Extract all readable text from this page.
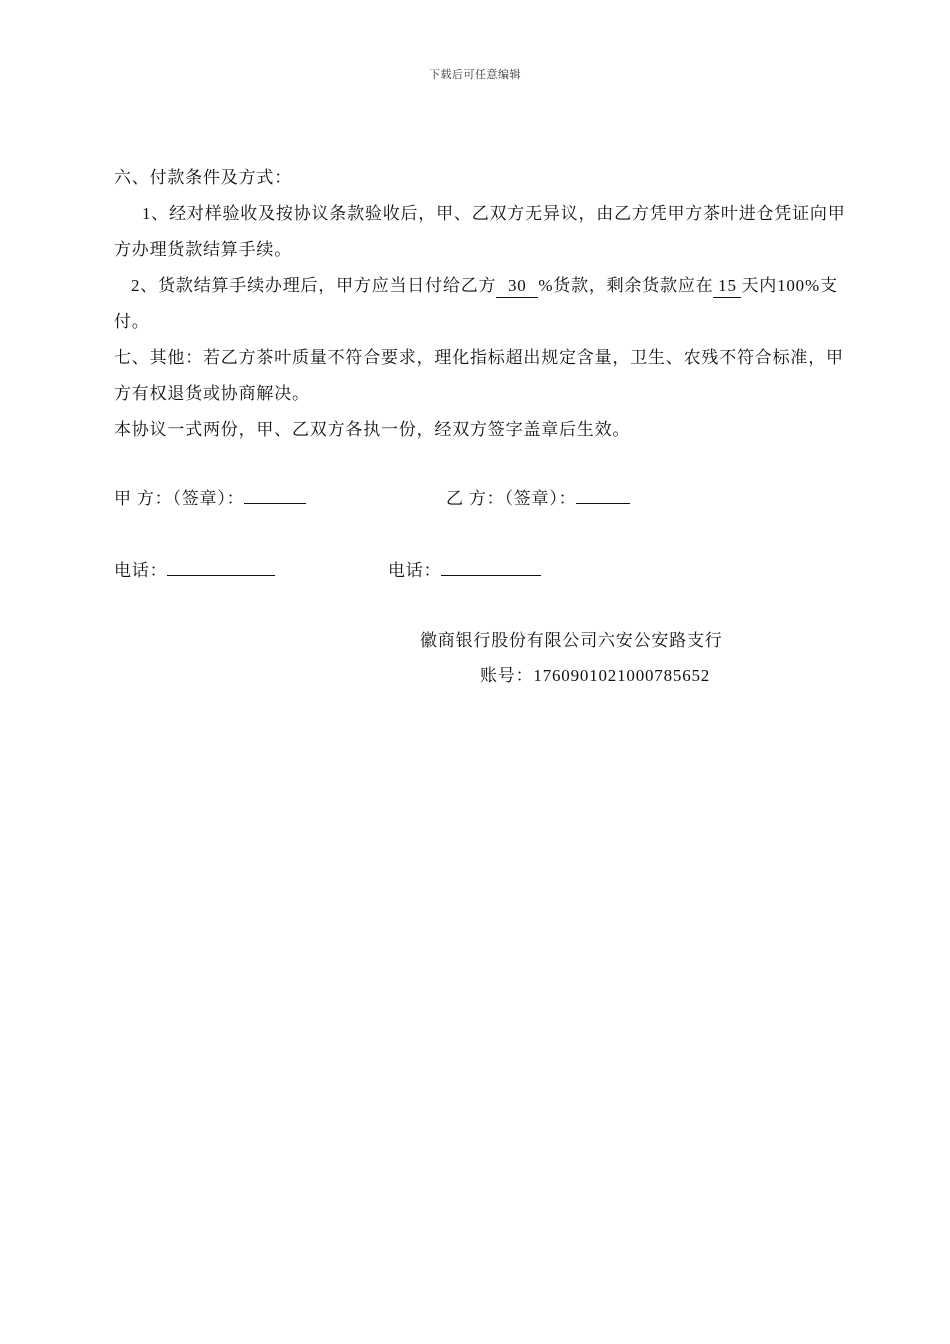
下载后可任意编辑

六、付款条件及方式：

1、经对样验收及按协议条款验收后，甲、乙双方无异议，由乙方凭甲方茶叶进仓凭证向甲方办理货款结算手续。

2、货款结算手续办理后，甲方应当日付给乙方 30 %货款，剩余货款应在 15 天内100%支付。

七、其他：若乙方茶叶质量不符合要求，理化指标超出规定含量，卫生、农残不符合标准，甲方有权退货或协商解决。

本协议一式两份，甲、乙双方各执一份，经双方签字盖章后生效。

甲 方：（签章）：	乙 方：（签章）：
电话：	电话：
徽商银行股份有限公司六安公安路支行
账号：1760901021000785652
